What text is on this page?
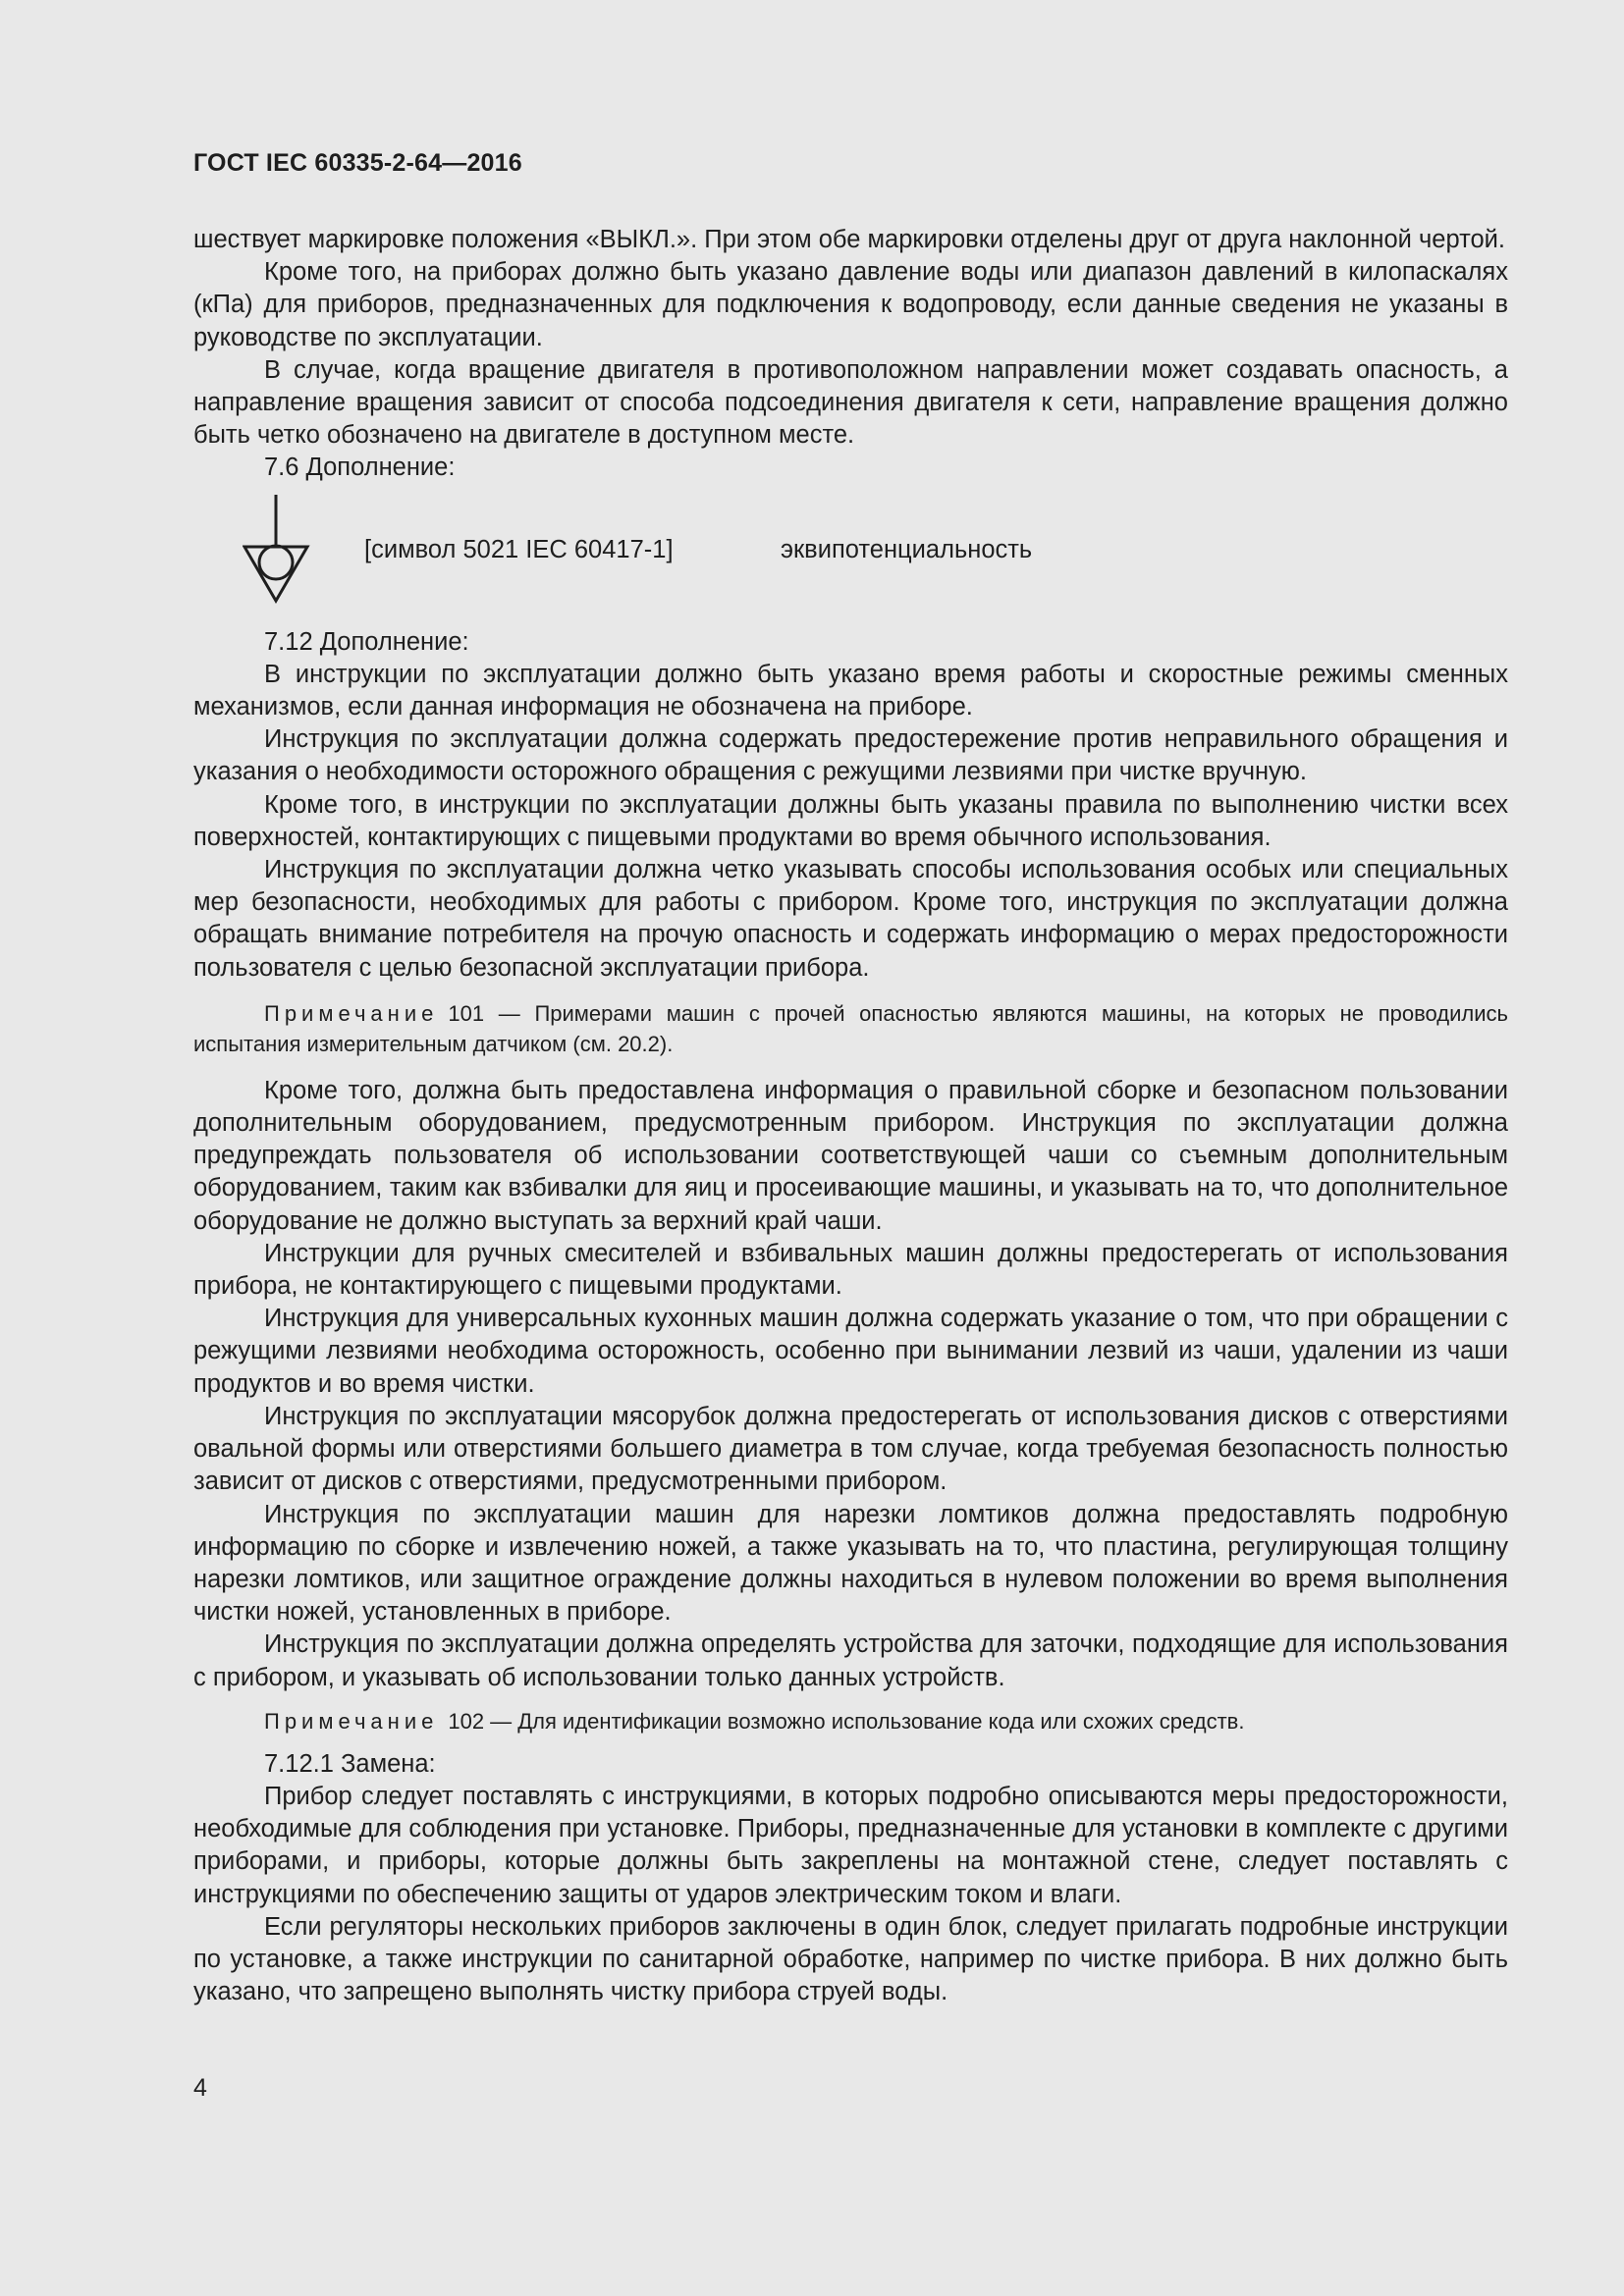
ГОСТ IEC 60335-2-64—2016

шествует маркировке положения «ВЫКЛ.». При этом обе маркировки отделены друг от друга наклонной чертой.

Кроме того, на приборах должно быть указано давление воды или диапазон давлений в килопаскалях (кПа) для приборов, предназначенных для подключения к водопроводу, если данные сведения не указаны в руководстве по эксплуатации.

В случае, когда вращение двигателя в противоположном направлении может создавать опасность, а направление вращения зависит от способа подсоединения двигателя к сети, направление вращения должно быть четко обозначено на двигателе в доступном месте.

7.6 Дополнение:

[символ 5021 IEC 60417-1]	эквипотенциальность

7.12 Дополнение:

В инструкции по эксплуатации должно быть указано время работы и скоростные режимы сменных механизмов, если данная информация не обозначена на приборе.

Инструкция по эксплуатации должна содержать предостережение против неправильного обращения и указания о необходимости осторожного обращения с режущими лезвиями при чистке вручную.

Кроме того, в инструкции по эксплуатации должны быть указаны правила по выполнению чистки всех поверхностей, контактирующих с пищевыми продуктами во время обычного использования.

Инструкция по эксплуатации должна четко указывать способы использования особых или специальных мер безопасности, необходимых для работы с прибором. Кроме того, инструкция по эксплуатации должна обращать внимание потребителя на прочую опасность и содержать информацию о мерах предосторожности пользователя с целью безопасной эксплуатации прибора.

Примечание 101 — Примерами машин с прочей опасностью являются машины, на которых не проводились испытания измерительным датчиком (см. 20.2).

Кроме того, должна быть предоставлена информация о правильной сборке и безопасном пользовании дополнительным оборудованием, предусмотренным прибором. Инструкция по эксплуатации должна предупреждать пользователя об использовании соответствующей чаши со съемным дополнительным оборудованием, таким как взбивалки для яиц и просеивающие машины, и указывать на то, что дополнительное оборудование не должно выступать за верхний край чаши.

Инструкции для ручных смесителей и взбивальных машин должны предостерегать от использования прибора, не контактирующего с пищевыми продуктами.

Инструкция для универсальных кухонных машин должна содержать указание о том, что при обращении с режущими лезвиями необходима осторожность, особенно при вынимании лезвий из чаши, удалении из чаши продуктов и во время чистки.

Инструкция по эксплуатации мясорубок должна предостерегать от использования дисков с отверстиями овальной формы или отверстиями большего диаметра в том случае, когда требуемая безопасность полностью зависит от дисков с отверстиями, предусмотренными прибором.

Инструкция по эксплуатации машин для нарезки ломтиков должна предоставлять подробную информацию по сборке и извлечению ножей, а также указывать на то, что пластина, регулирующая толщину нарезки ломтиков, или защитное ограждение должны находиться в нулевом положении во время выполнения чистки ножей, установленных в приборе.

Инструкция по эксплуатации должна определять устройства для заточки, подходящие для использования с прибором, и указывать об использовании только данных устройств.

Примечание 102 — Для идентификации возможно использование кода или схожих средств.

7.12.1 Замена:

Прибор следует поставлять с инструкциями, в которых подробно описываются меры предосторожности, необходимые для соблюдения при установке. Приборы, предназначенные для установки в комплекте с другими приборами, и приборы, которые должны быть закреплены на монтажной стене, следует поставлять с инструкциями по обеспечению защиты от ударов электрическим током и влаги.

Если регуляторы нескольких приборов заключены в один блок, следует прилагать подробные инструкции по установке, а также инструкции по санитарной обработке, например по чистке прибора. В них должно быть указано, что запрещено выполнять чистку прибора струей воды.

4
